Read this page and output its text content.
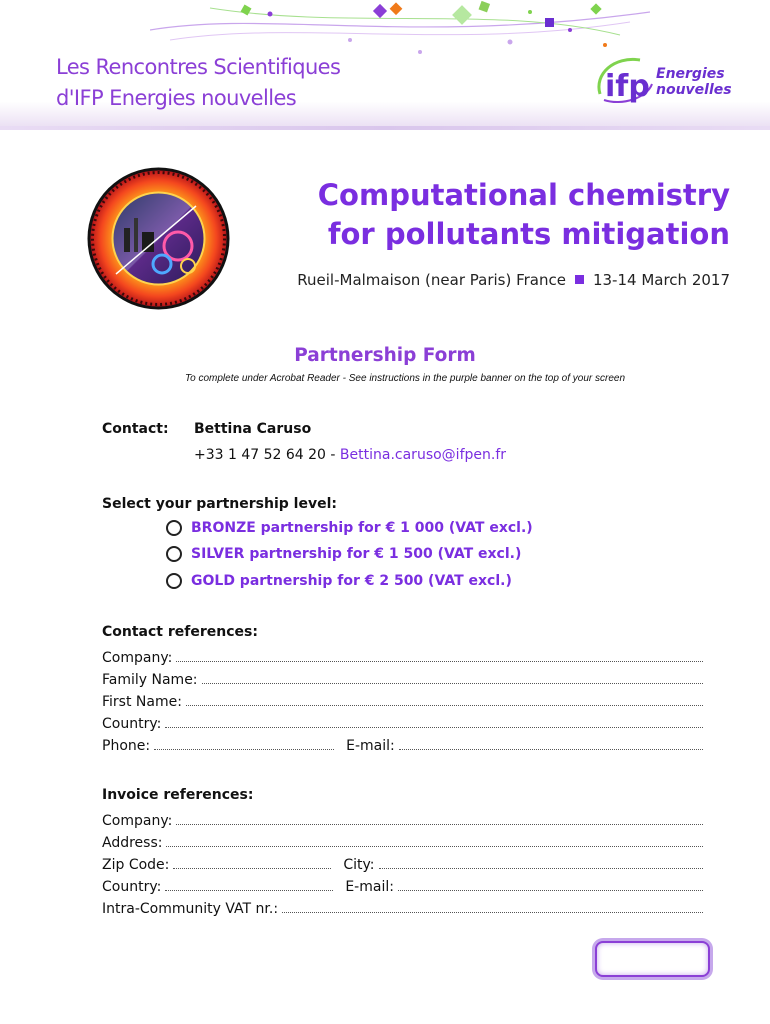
Les Rencontres Scientifiques
d'IFP Energies nouvelles	ifp Energies
nouvelles
Computational chemistry
for pollutants mitigation
Rueil-Malmaison (near Paris) France 13-14 March 2017
Partnership Form
To complete under Acrobat Reader - See instructions in the purple banner on the top of your screen
Contact: Bettina Caruso
+33 1 47 52 64 20 - Bettina.caruso@ifpen.fr
Select your partnership level:
BRONZE partnership for € 1 000 (VAT excl.)
SILVER partnership for € 1 500 (VAT excl.)
GOLD partnership for € 2 500 (VAT excl.)
Contact references:
Company:
Family Name:
First Name:
Country:
Phone:	E-mail:
Invoice references:
Company:
Address:
Zip Code:	City:
Country:	E-mail:
Intra-Community VAT nr.:
